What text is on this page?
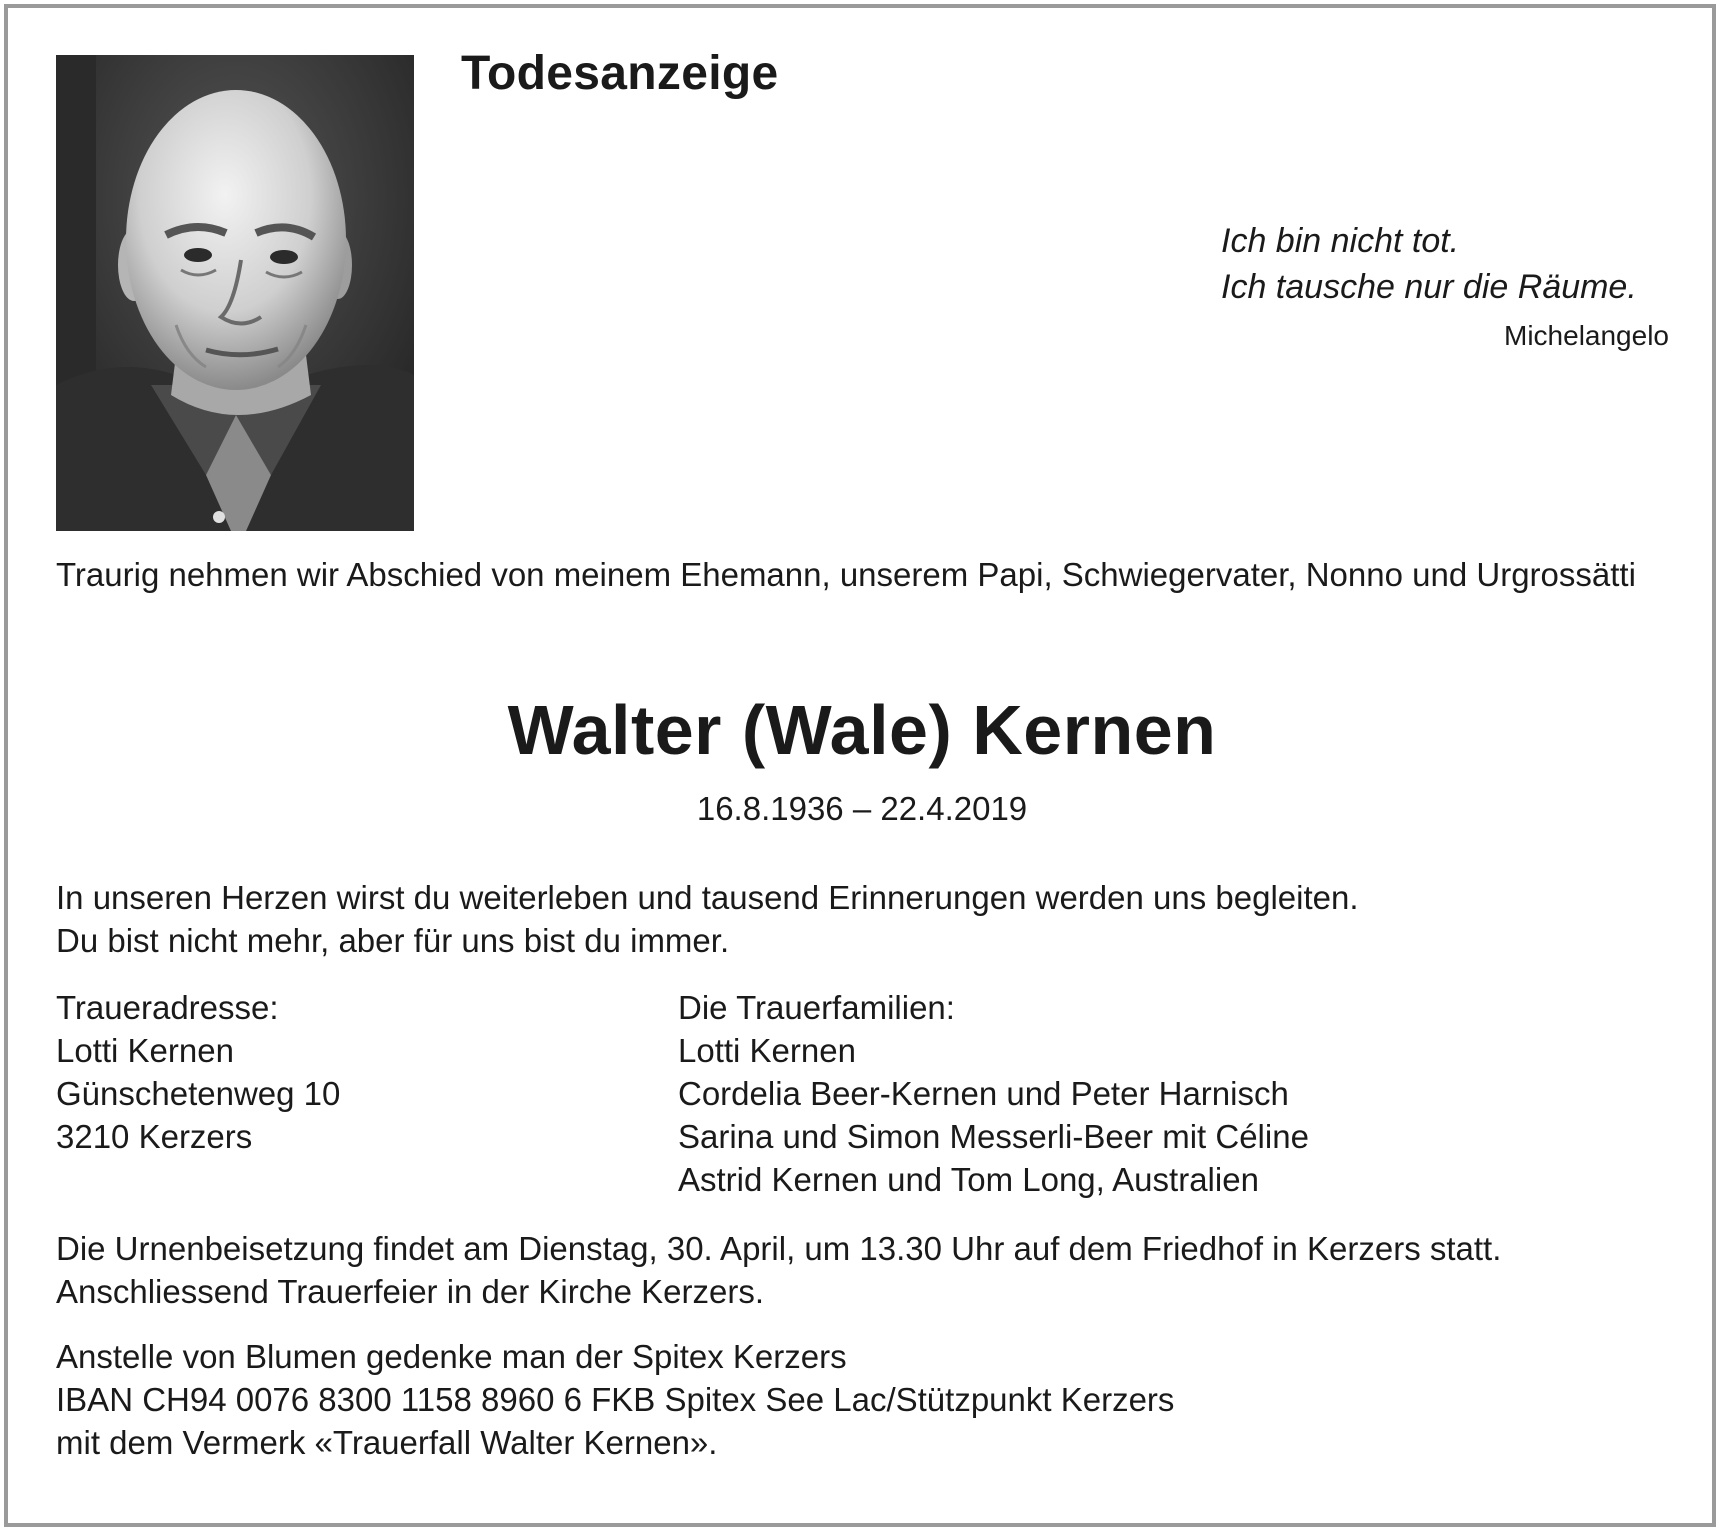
Todesanzeige
Ich bin nicht tot.
Ich tausche nur die Räume.
Michelangelo
Traurig nehmen wir Abschied von meinem Ehemann, unserem Papi, Schwiegervater, Nonno und Urgrossätti
Walter (Wale) Kernen
16.8.1936 – 22.4.2019
In unseren Herzen wirst du weiterleben und tausend Erinnerungen werden uns begleiten.
Du bist nicht mehr, aber für uns bist du immer.
Traueradresse:
Lotti Kernen
Günschetenweg 10
3210 Kerzers
Die Trauerfamilien:
Lotti Kernen
Cordelia Beer-Kernen und Peter Harnisch
Sarina und Simon Messerli-Beer mit Céline
Astrid Kernen und Tom Long, Australien
Die Urnenbeisetzung findet am Dienstag, 30. April, um 13.30 Uhr auf dem Friedhof in Kerzers statt.
Anschliessend Trauerfeier in der Kirche Kerzers.
Anstelle von Blumen gedenke man der Spitex Kerzers
IBAN CH94 0076 8300 1158 8960 6 FKB Spitex See Lac/Stützpunkt Kerzers
mit dem Vermerk «Trauerfall Walter Kernen».
